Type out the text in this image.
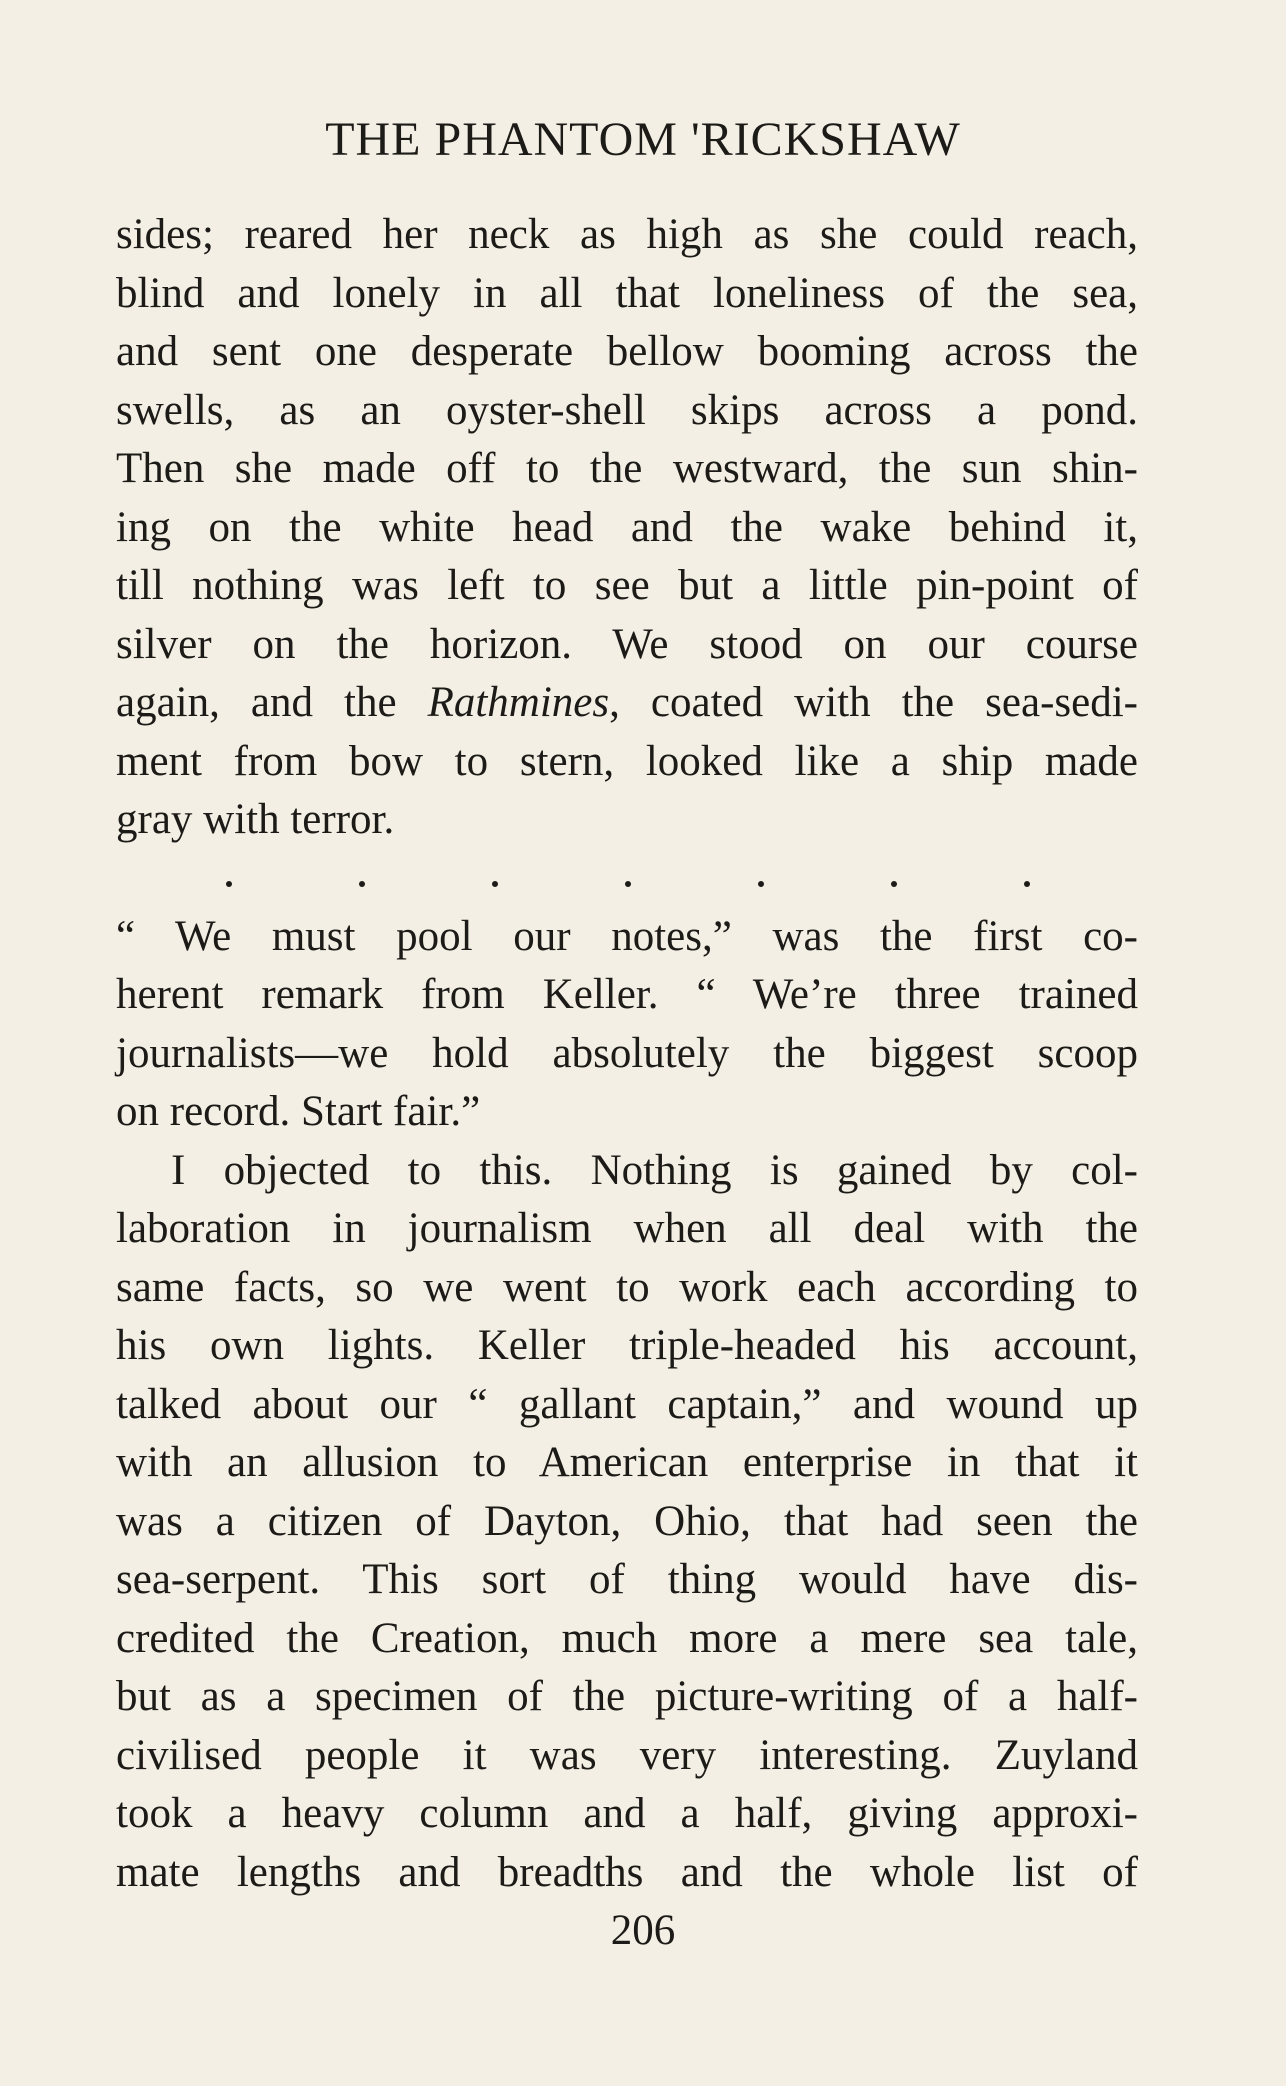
THE PHANTOM 'RICKSHAW
sides; reared her neck as high as she could reach,
blind and lonely in all that loneliness of the sea,
and sent one desperate bellow booming across the
swells, as an oyster-shell skips across a pond.
Then she made off to the westward, the sun shin-
ing on the white head and the wake behind it,
till nothing was left to see but a little pin-point of
silver on the horizon. We stood on our course
again, and the Rathmines, coated with the sea-sedi-
ment from bow to stern, looked like a ship made
gray with terror.
“ We must pool our notes,” was the first co-
herent remark from Keller. “ We’re three trained
journalists—we hold absolutely the biggest scoop
on record. Start fair.”
I objected to this. Nothing is gained by col-
laboration in journalism when all deal with the
same facts, so we went to work each according to
his own lights. Keller triple-headed his account,
talked about our “ gallant captain,” and wound up
with an allusion to American enterprise in that it
was a citizen of Dayton, Ohio, that had seen the
sea-serpent. This sort of thing would have dis-
credited the Creation, much more a mere sea tale,
but as a specimen of the picture-writing of a half-
civilised people it was very interesting. Zuyland
took a heavy column and a half, giving approxi-
mate lengths and breadths and the whole list of
206
